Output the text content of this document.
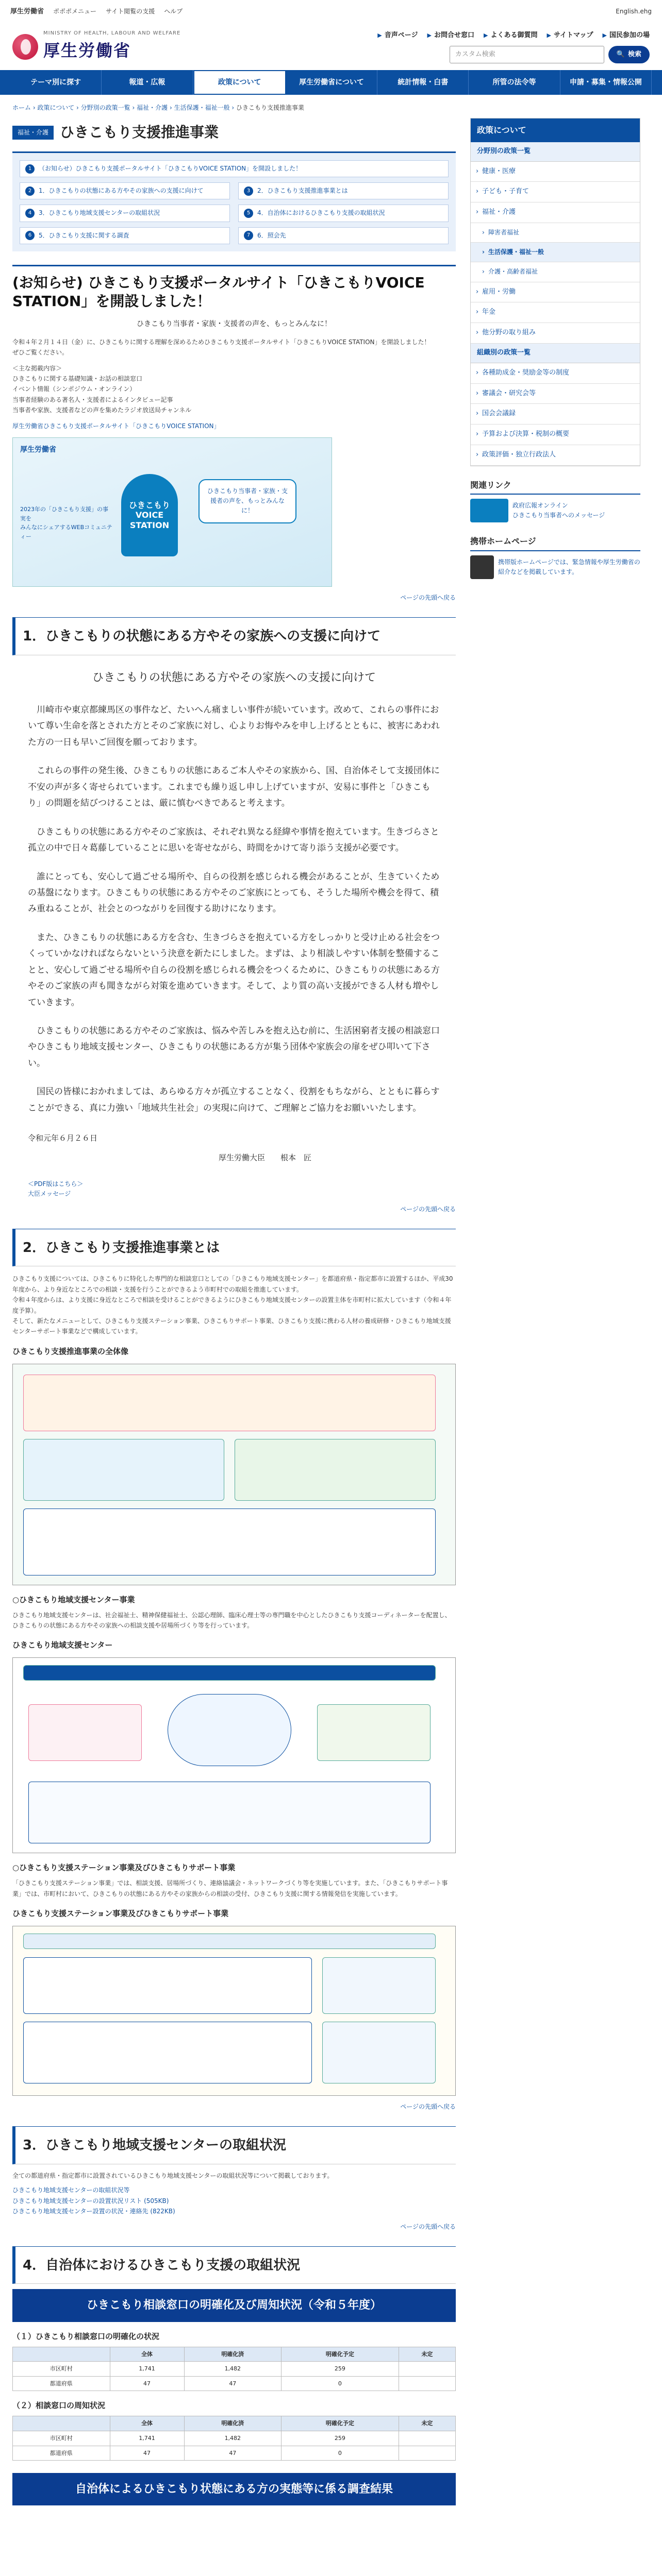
厚生労働省 ポポポメニュー サイト閲覧の支援 ヘルプ	English.ehg
MINISTRY OF HEALTH, LABOUR AND WELFARE
厚生労働省
▶ 音声ページ ▶ お問合せ窓口 ▶ よくある御質問 ▶ サイトマップ ▶ 国民参加の場
カスタム検索	🔍 検索
テーマ別に探す	報道・広報	政策について	厚生労働省について	統計情報・白書	所管の法令等	申請・募集・情報公開
ホーム › 政策について › 分野別の政策一覧 › 福祉・介護 › 生活保護・福祉一般 › ひきこもり支援推進事業
福祉・介護 ひきこもり支援推進事業
1	（お知らせ）ひきこもり支援ポータルサイト「ひきこもりVOICE STATION」を開設しました！
2	1．ひきこもりの状態にある方やその家族への支援に向けて	3	2．ひきこもり支援推進事業とは
4	3．ひきこもり地域支援センターの取組状況	5	4．自治体におけるひきこもり支援の取組状況
6	5．ひきこもり支援に関する調査	7	6．照会先
(お知らせ) ひきこもり支援ポータルサイト「ひきこもりVOICE STATION」を開設しました！
ひきこもり当事者・家族・支援者の声を、もっとみんなに！

令和４年２月１４日（金）に、ひきこもりに関する理解を深めるためひきこもり支援ポータルサイト「ひきこもりVOICE STATION」を開設しました！
ぜひご覧ください。

＜主な掲載内容＞
ひきこもりに関する基礎知識・お話の相談窓口
イベント情報（シンポジウム・オンライン）
当事者経験のある著名人・支援者によるインタビュー記事
当事者や家族、支援者などの声を集めたラジオ放送局チャンネル

厚生労働省ひきこもり支援ポータルサイト「ひきこもりVOICE STATION」

厚生労働省
2023年の「ひきこもり支援」の事実を
みんなにシェアするWEBコミュニティー
ひきこもり
VOICE
STATION
ひきこもり当事者・家族・支援者の声を、もっとみんなに！
ページの先頭へ戻る
1．ひきこもりの状態にある方やその家族への支援に向けて
ひきこもりの状態にある方やその家族への支援に向けて

川崎市や東京都練馬区の事件など、たいへん痛ましい事件が続いています。改めて、これらの事件において尊い生命を落とされた方とそのご家族に対し、心よりお悔やみを申し上げるとともに、被害にあわれた方の一日も早いご回復を願っております。

これらの事件の発生後、ひきこもりの状態にあるご本人やその家族から、国、自治体そして支援団体に不安の声が多く寄せられています。これまでも繰り返し申し上げていますが、安易に事件と「ひきこもり」の問題を結びつけることは、厳に慎むべきであると考えます。

ひきこもりの状態にある方やそのご家族は、それぞれ異なる経緯や事情を抱えています。生きづらさと孤立の中で日々葛藤していることに思いを寄せながら、時間をかけて寄り添う支援が必要です。

誰にとっても、安心して過ごせる場所や、自らの役割を感じられる機会があることが、生きていくための基盤になります。ひきこもりの状態にある方やそのご家族にとっても、そうした場所や機会を得て、積み重ねることが、社会とのつながりを回復する助けになります。

また、ひきこもりの状態にある方を含む、生きづらさを抱えている方をしっかりと受け止める社会をつくっていかなければならないという決意を新たにしました。まずは、より相談しやすい体制を整備することと、安心して過ごせる場所や自らの役割を感じられる機会をつくるために、ひきこもりの状態にある方やそのご家族の声も聞きながら対策を進めていきます。そして、より質の高い支援ができる人材も増やしていきます。

ひきこもりの状態にある方やそのご家族は、悩みや苦しみを抱え込む前に、生活困窮者支援の相談窓口やひきこもり地域支援センター、ひきこもりの状態にある方が集う団体や家族会の扉をぜひ叩いて下さい。

国民の皆様におかれましては、あらゆる方々が孤立することなく、役割をもちながら、とともに暮らすことができる、真に力強い「地域共生社会」の実現に向けて、ご理解とご協力をお願いいたします。

令和元年６月２６日
厚生労働大臣　　根本　匠
＜PDF版はこちら＞
大臣メッセージ
ページの先頭へ戻る
2．ひきこもり支援推進事業とは

ひきこもり支援については、ひきこもりに特化した専門的な相談窓口としての「ひきこもり地域支援センター」を都道府県・指定都市に設置するほか、平成30年度から、より身近なところでの相談・支援を行うことができるよう市町村での取組を推進しています。
令和４年度からは、より支援に身近なところで相談を受けることができるようにひきこもり地域支援センターの設置主体を市町村に拡大しています（令和４年度予算）。
そして、新たなメニューとして、ひきこもり支援ステーション事業、ひきこもりサポート事業、ひきこもり支援に携わる人材の養成研修・ひきこもり地域支援センターサポート事業などで構成しています。

ひきこもり支援推進事業の全体像
○ひきこもり地域支援センター事業

ひきこもり地域支援センターは、社会福祉士、精神保健福祉士、公認心理師、臨床心理士等の専門職を中心としたひきこもり支援コーディネーターを配置し、ひきこもりの状態にある方やその家族への相談支援や居場所づくり等を行っています。

ひきこもり地域支援センター
○ひきこもり支援ステーション事業及びひきこもりサポート事業

「ひきこもり支援ステーション事業」では、相談支援、居場所づくり、連絡協議会・ネットワークづくり等を実施しています。また、「ひきこもりサポート事業」では、市町村において、ひきこもりの状態にある方やその家族からの相談の受付、ひきこもり支援に関する情報発信を実施しています。

ひきこもり支援ステーション事業及びひきこもりサポート事業
ページの先頭へ戻る
3．ひきこもり地域支援センターの取組状況

全ての都道府県・指定都市に設置されているひきこもり地域支援センターの取組状況等について掲載しております。

ひきこもり地域支援センターの取組状況等

ひきこもり地域支援センターの設置状況リスト (505KB)

ひきこもり地域支援センター設置の状況・連絡先 (822KB)

ページの先頭へ戻る
4．自治体におけるひきこもり支援の取組状況
ひきこもり相談窓口の明確化及び周知状況（令和５年度）
（１）ひきこもり相談窓口の明確化の状況
	全体	明確化済	明確化予定	未定
市区町村	1,741	1,482	259	
都道府県	47	47	0	
（２）相談窓口の周知状況
	全体	明確化済	明確化予定	未定
市区町村	1,741	1,482	259	
都道府県	47	47	0	
自治体によるひきこもり状態にある方の実態等に係る調査結果
政策について
分野別の政策一覧
› 健康・医療
› 子ども・子育て
› 福祉・介護
› 障害者福祉
› 生活保護・福祉一般
› 介護・高齢者福祉
› 雇用・労働
› 年金
› 他分野の取り組み
組織別の政策一覧
› 各種助成金・奨励金等の制度
› 審議会・研究会等
› 国会会議録
› 予算および決算・税制の概要
› 政策評価・独立行政法人
関連リンク
政府広報オンライン
ひきこもり当事者へのメッセージ
携帯ホームページ
携帯版ホームページでは、緊急情報や厚生労働省の紹介などを掲載しています。
